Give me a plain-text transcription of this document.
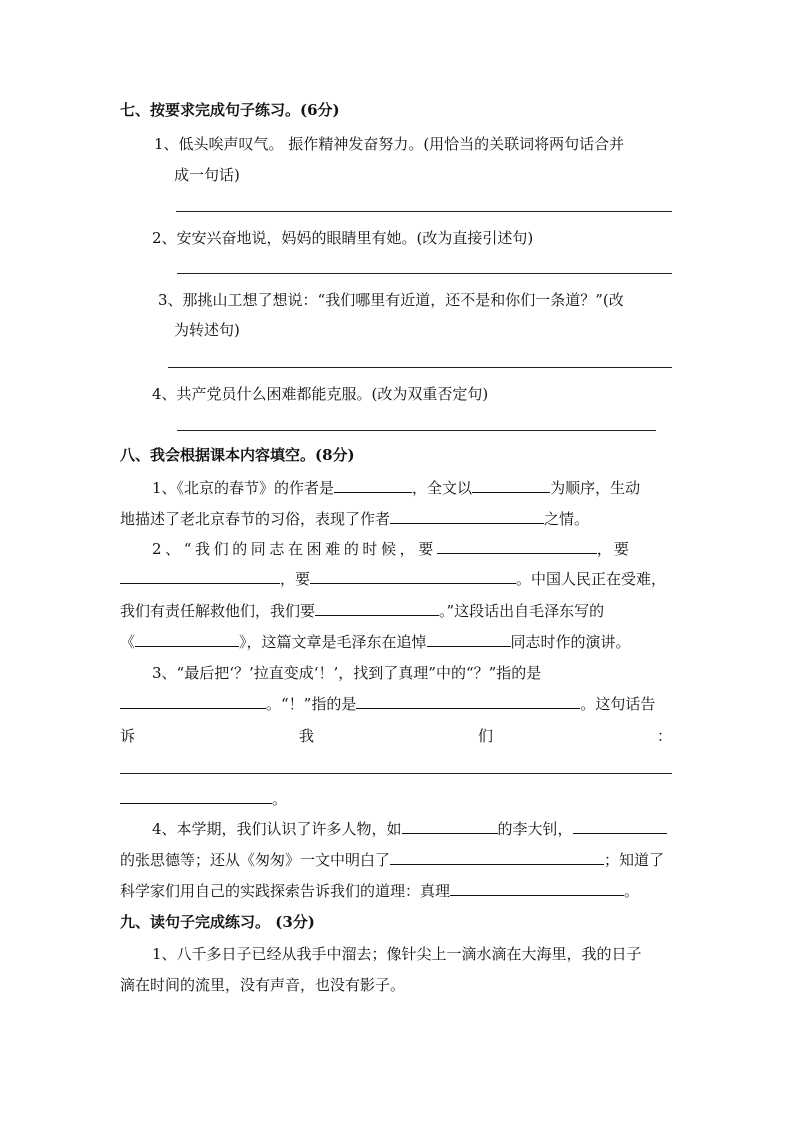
七、按要求完成句子练习。(6分)
1、低头唉声叹气。 振作精神发奋努力。(用恰当的关联词将两句话合并
成一句话)
2、安安兴奋地说，妈妈的眼睛里有她。(改为直接引述句)
3、那挑山工想了想说：“我们哪里有近道，还不是和你们一条道？”(改
为转述句)
4、共产党员什么困难都能克服。(改为双重否定句)
八、我会根据课本内容填空。(8分)
1、《北京的春节》的作者是	，全文以	为顺序，生动
地描述了老北京春节的习俗，表现了作者	之情。
2、“我们的同志在困难的时候，要	，要
，要	。中国人民正在受难，
我们有责任解救他们，我们要	。”这段话出自毛泽东写的
《	》，这篇文章是毛泽东在追悼	同志时作的演讲。
3、“最后把‘？’拉直变成‘！’，找到了真理”中的“？”指的是
。“！”指的是	。这句话告
诉	我	们	：
。
4、本学期，我们认识了许多人物，如	的李大钊，
的张思德等；还从《匆匆》一文中明白了	；知道了
科学家们用自己的实践探索告诉我们的道理：真理	。
九、读句子完成练习。 (3分)
1、八千多日子已经从我手中溜去；像针尖上一滴水滴在大海里，我的日子
滴在时间的流里，没有声音，也没有影子。
